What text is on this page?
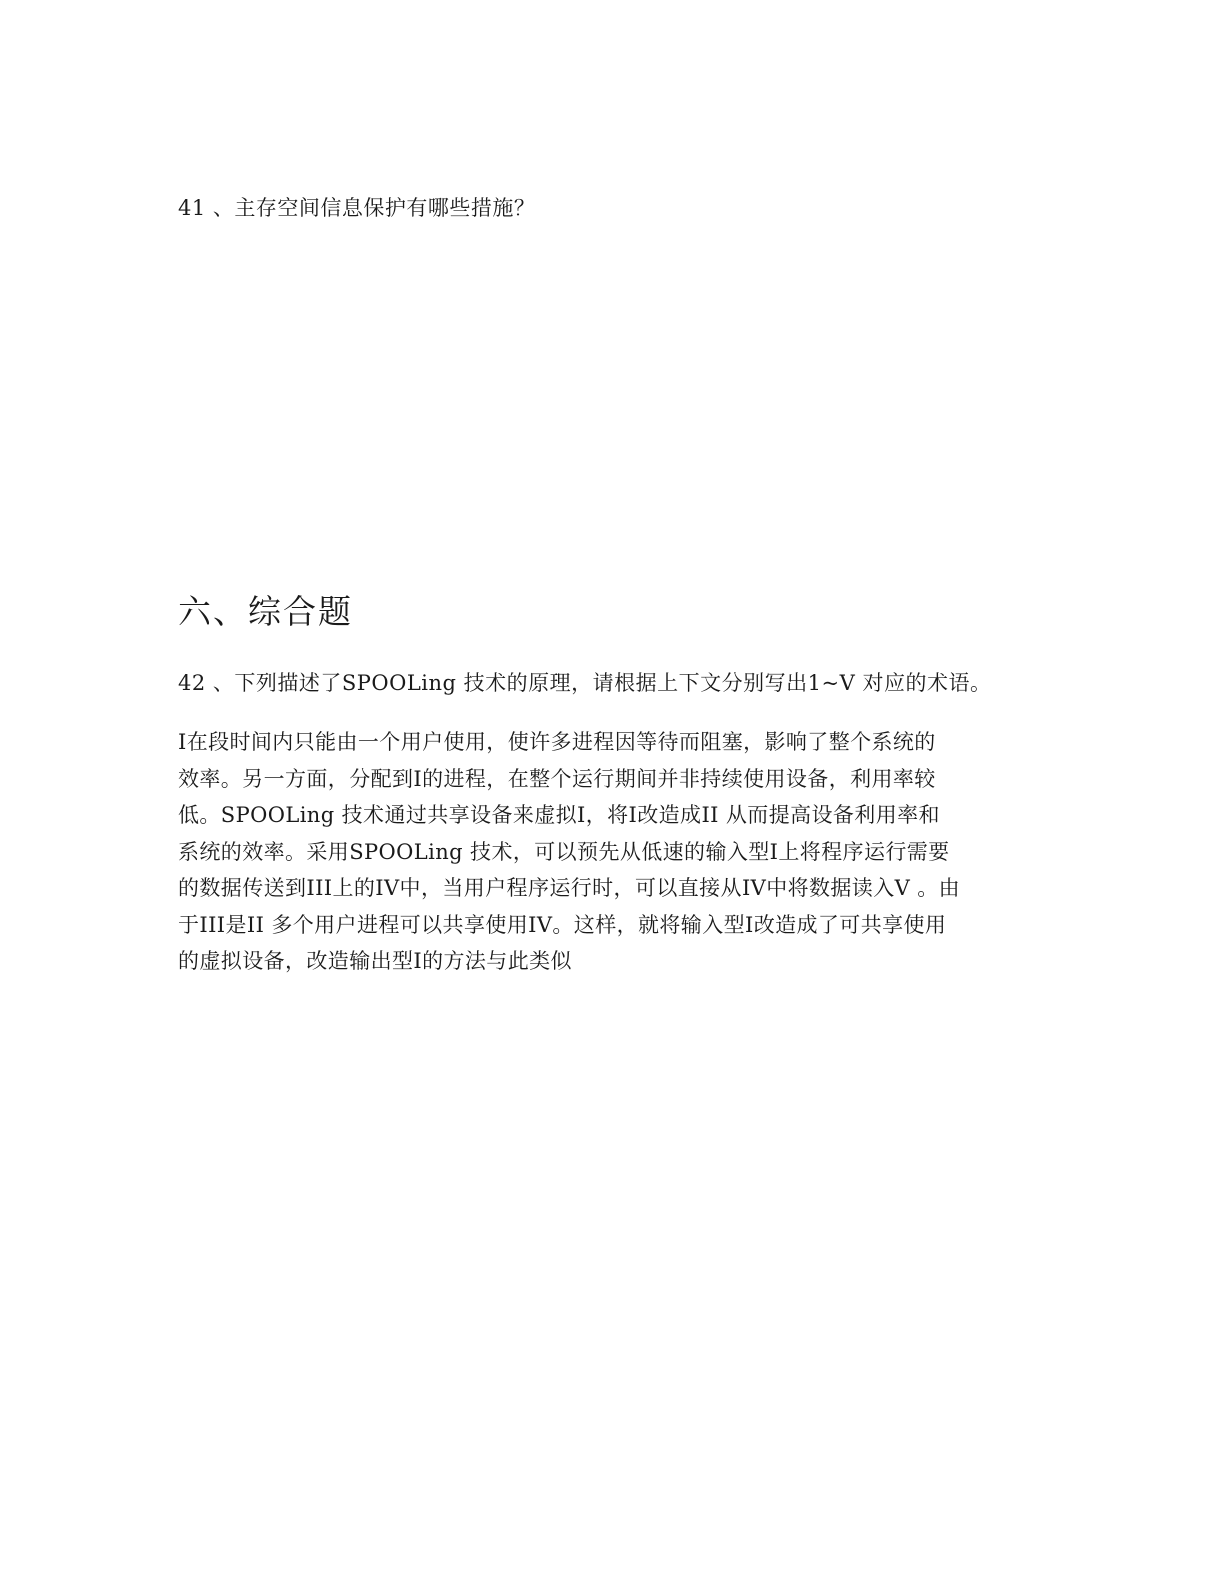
41 、主存空间信息保护有哪些措施？
六、综合题
42 、下列描述了SPOOLing 技术的原理，请根据上下文分别写出1~V 对应的术语。
I在段时间内只能由一个用户使用，使许多进程因等待而阻塞，影响了整个系统的
效率。另一方面，分配到I的进程，在整个运行期间并非持续使用设备，利用率较
低。SPOOLing 技术通过共享设备来虚拟I，将I改造成II 从而提高设备利用率和
系统的效率。采用SPOOLing 技术，可以预先从低速的输入型I上将程序运行需要
的数据传送到III上的IV中，当用户程序运行时，可以直接从IV中将数据读入V 。由
于III是II 多个用户进程可以共享使用IV。这样，就将输入型I改造成了可共享使用
的虚拟设备，改造输出型I的方法与此类似
